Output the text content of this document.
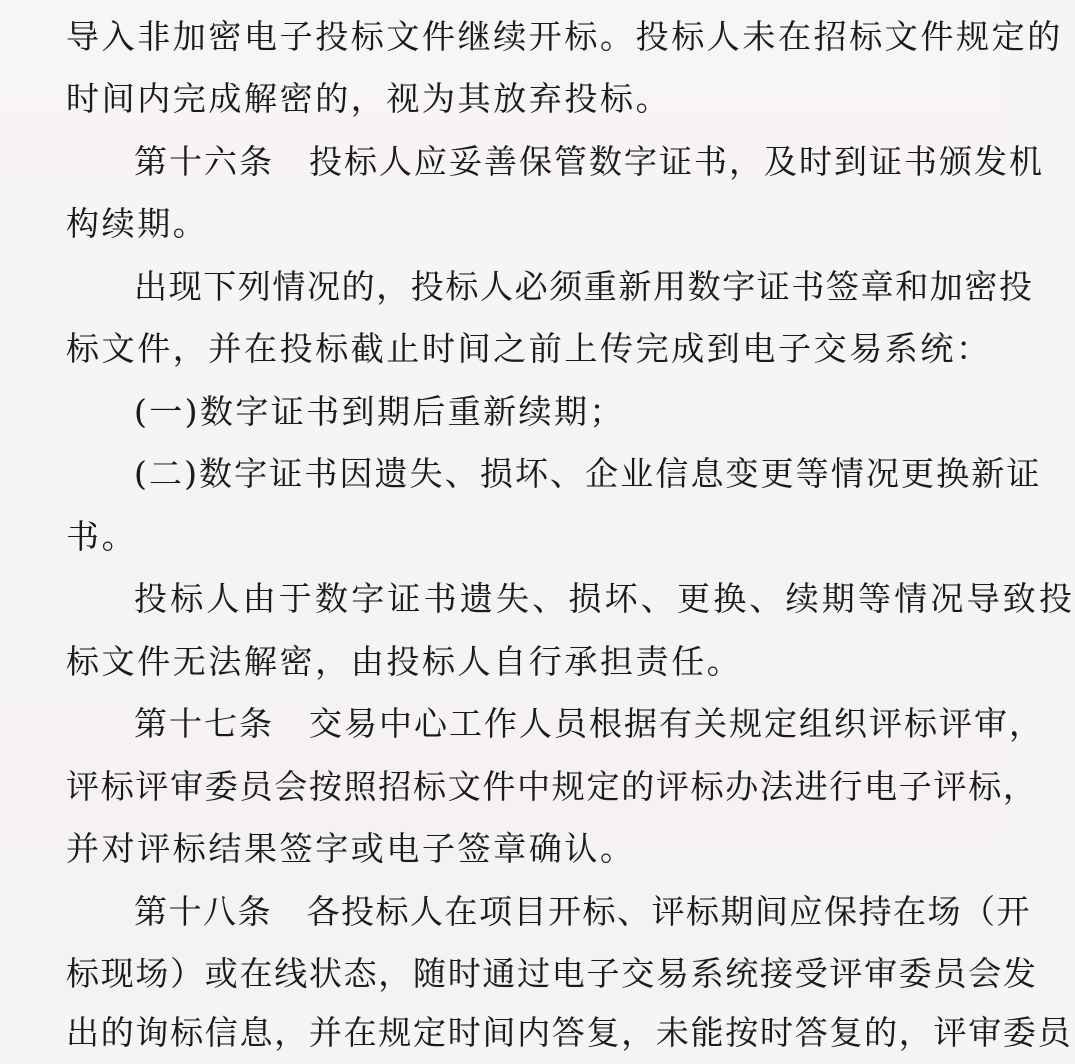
导入非加密电子投标文件继续开标。投标人未在招标文件规定的

时间内完成解密的，视为其放弃投标。

第十六条　投标人应妥善保管数字证书，及时到证书颁发机

构续期。

出现下列情况的，投标人必须重新用数字证书签章和加密投

标文件，并在投标截止时间之前上传完成到电子交易系统：

(一)数字证书到期后重新续期；

(二)数字证书因遗失、损坏、企业信息变更等情况更换新证

书。

投标人由于数字证书遗失、损坏、更换、续期等情况导致投

标文件无法解密，由投标人自行承担责任。

第十七条　交易中心工作人员根据有关规定组织评标评审，

评标评审委员会按照招标文件中规定的评标办法进行电子评标，

并对评标结果签字或电子签章确认。

第十八条　各投标人在项目开标、评标期间应保持在场（开

标现场）或在线状态，随时通过电子交易系统接受评审委员会发

出的询标信息，并在规定时间内答复，未能按时答复的，评审委员
